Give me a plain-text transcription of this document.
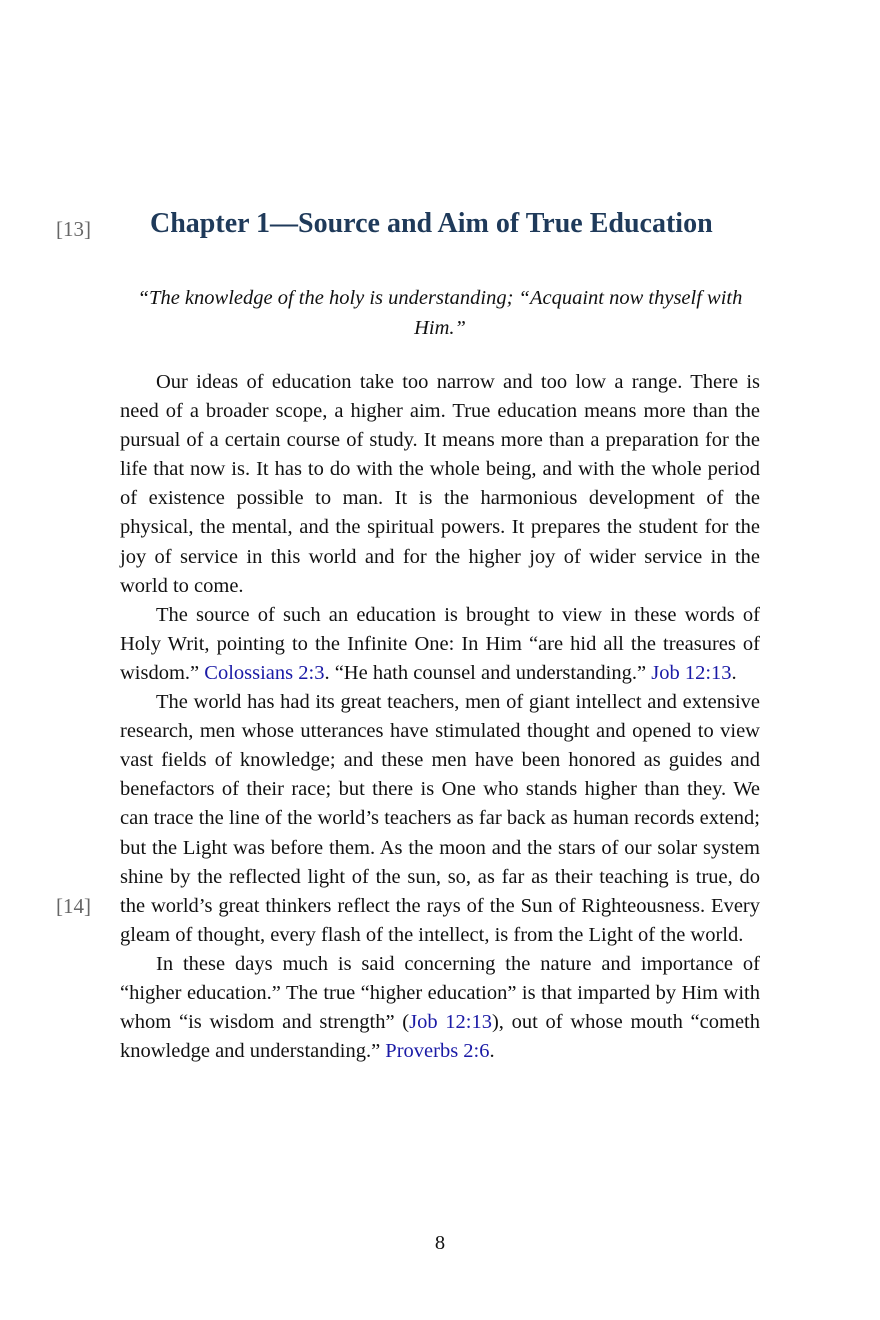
[13] Chapter 1—Source and Aim of True Education

“The knowledge of the holy is understanding; “Acquaint now thyself with Him.”

[14]

Our ideas of education take too narrow and too low a range. There is need of a broader scope, a higher aim. True education means more than the pursual of a certain course of study. It means more than a preparation for the life that now is. It has to do with the whole being, and with the whole period of existence possible to man. It is the harmonious development of the physical, the mental, and the spiritual powers. It prepares the student for the joy of service in this world and for the higher joy of wider service in the world to come.

The source of such an education is brought to view in these words of Holy Writ, pointing to the Infinite One: In Him “are hid all the treasures of wisdom.” Colossians 2:3. “He hath counsel and understanding.” Job 12:13.

The world has had its great teachers, men of giant intellect and extensive research, men whose utterances have stimulated thought and opened to view vast fields of knowledge; and these men have been honored as guides and benefactors of their race; but there is One who stands higher than they. We can trace the line of the world’s teachers as far back as human records extend; but the Light was before them. As the moon and the stars of our solar system shine by the reflected light of the sun, so, as far as their teaching is true, do the world’s great thinkers reflect the rays of the Sun of Righteousness. Every gleam of thought, every flash of the intellect, is from the Light of the world.

In these days much is said concerning the nature and importance of “higher education.” The true “higher education” is that imparted by Him with whom “is wisdom and strength” (Job 12:13), out of whose mouth “cometh knowledge and understanding.” Proverbs 2:6.

8
